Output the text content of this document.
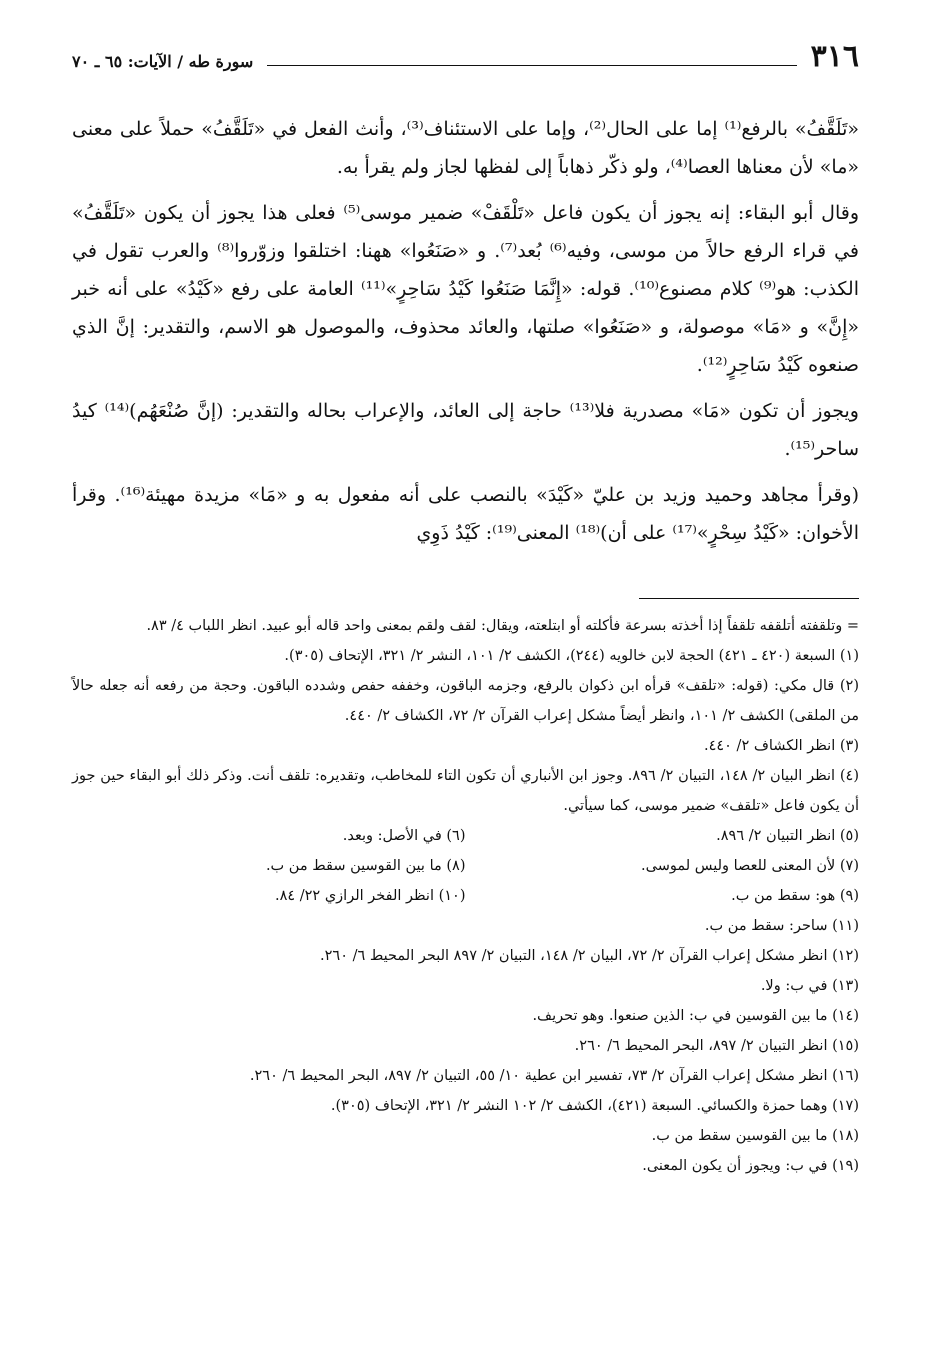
٣١٦
سورة طه / الآيات: ٦٥ ـ ٧٠

«تَلَقَّفُ» بالرفع⁽¹⁾ إما على الحال⁽²⁾، وإما على الاستئناف⁽³⁾، وأنث الفعل في «تَلَقَّفُ» حملاً على معنى «ما» لأن معناها العصا⁽⁴⁾، ولو ذكّر ذهاباً إلى لفظها لجاز ولم يقرأ به.

وقال أبو البقاء: إنه يجوز أن يكون فاعل «تَلْقَفْ» ضمير موسى⁽⁵⁾ فعلى هذا يجوز أن يكون «تَلَقَّفُ» في قراء الرفع حالاً من موسى، وفيه⁽⁶⁾ بُعد⁽⁷⁾. و «صَنَعُوا» ههنا: اختلقوا وزوّروا⁽⁸⁾ والعرب تقول في الكذب: هو⁽⁹⁾ كلام مصنوع⁽¹⁰⁾. قوله: «إِنَّمَا صَنَعُوا كَيْدُ سَاحِرٍ»⁽¹¹⁾ العامة على رفع «كَيْدُ» على أنه خبر «إِنَّ» و «مَا» موصولة، و «صَنَعُوا» صلتها، والعائد محذوف، والموصول هو الاسم، والتقدير: إنَّ الذي صنعوه كَيْدُ سَاحِرٍ⁽¹²⁾.

ويجوز أن تكون «مَا» مصدرية فلا⁽¹³⁾ حاجة إلى العائد، والإعراب بحاله والتقدير: (إنَّ صُنْعَهُم)⁽¹⁴⁾ كيدُ ساحر⁽¹⁵⁾.

(وقرأ مجاهد وحميد وزيد بن عليّ «كَيْدَ» بالنصب على أنه مفعول به و «مَا» مزيدة مهيئة⁽¹⁶⁾. وقرأ الأخوان: «كَيْدُ سِحْرٍ»⁽¹⁷⁾ على أن)⁽¹⁸⁾ المعنى⁽¹⁹⁾: كَيْدُ ذَوِي

= وتلقفته أتلقفه تلقفاً إذا أخذته بسرعة فأكلته أو ابتلعته، ويقال: لقف ولقم بمعنى واحد قاله أبو عبيد. انظر اللباب ٤/ ٨٣.

(١) السبعة (٤٢٠ ـ ٤٢١) الحجة لابن خالويه (٢٤٤)، الكشف ٢/ ١٠١، النشر ٢/ ٣٢١، الإتحاف (٣٠٥).

(٢) قال مكي: (قوله: «تلقف» قرأه ابن ذكوان بالرفع، وجزمه الباقون، وخففه حفص وشدده الباقون. وحجة من رفعه أنه جعله حالاً من الملقى) الكشف ٢/ ١٠١، وانظر أيضاً مشكل إعراب القرآن ٢/ ٧٢، الكشاف ٢/ ٤٤٠.

(٣) انظر الكشاف ٢/ ٤٤٠.

(٤) انظر البيان ٢/ ١٤٨، التبيان ٢/ ٨٩٦. وجوز ابن الأنباري أن تكون التاء للمخاطب، وتقديره: تلقف أنت. وذكر ذلك أبو البقاء حين جوز أن يكون فاعل «تلقف» ضمير موسى، كما سيأتي.

(٥) انظر التبيان ٢/ ٨٩٦.
(٦) في الأصل: وبعد.
(٧) لأن المعنى للعصا وليس لموسى.
(٨) ما بين القوسين سقط من ب.
(٩) هو: سقط من ب.
(١٠) انظر الفخر الرازي ٢٢/ ٨٤.

(١١) ساحر: سقط من ب.

(١٢) انظر مشكل إعراب القرآن ٢/ ٧٢، البيان ٢/ ١٤٨، التبيان ٢/ ٨٩٧ البحر المحيط ٦/ ٢٦٠.

(١٣) في ب: ولا.

(١٤) ما بين القوسين في ب: الذين صنعوا. وهو تحريف.

(١٥) انظر التبيان ٢/ ٨٩٧، البحر المحيط ٦/ ٢٦٠.

(١٦) انظر مشكل إعراب القرآن ٢/ ٧٣، تفسير ابن عطية ١٠/ ٥٥، التبيان ٢/ ٨٩٧، البحر المحيط ٦/ ٢٦٠.

(١٧) وهما حمزة والكسائي. السبعة (٤٢١)، الكشف ٢/ ١٠٢ النشر ٢/ ٣٢١، الإتحاف (٣٠٥).

(١٨) ما بين القوسين سقط من ب.

(١٩) في ب: ويجوز أن يكون المعنى.
